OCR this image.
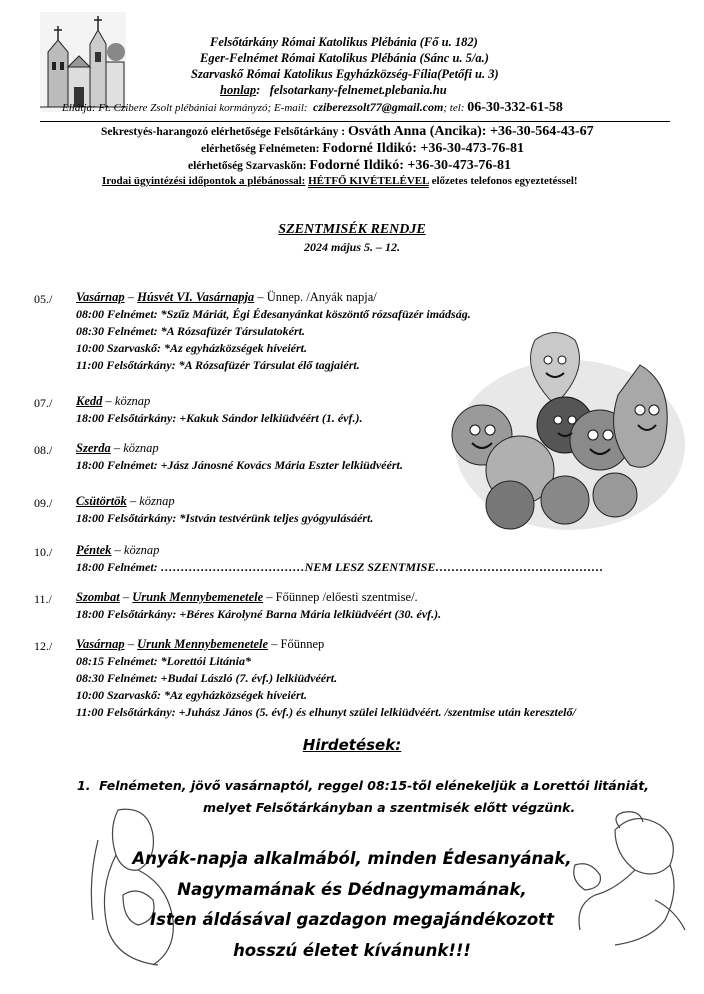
Felsőtárkány Római Katolikus Plébánia (Fő u. 182)
Eger-Felnémet Római Katolikus Plébánia (Sánc u. 5/a.)
Szarvaskő Római Katolikus Egyházközség-Fília(Petőfi u. 3)
honlap: felsotarkany-felnemet.plebania.hu
Ellátja: Ft. Czibere Zsolt plébániai kormányzó; E-mail: cziberezsolt77@gmail.com; tel: 06-30-332-61-58
Sekrestyés-harangozó elérhetősége Felsőtárkány : Osváth Anna (Ancika): +36-30-564-43-67
elérhetőség Felnémeten: Fodorné Ildikó: +36-30-473-76-81
elérhetőség Szarvaskőn: Fodorné Ildikó: +36-30-473-76-81
Irodai ügyintézési időpontok a plébánossal: HÉTFŐ KIVÉTELÉVEL előzetes telefonos egyeztetéssel!
SZENTMISÉK RENDJE
2024 május 5. – 12.
05./ Vasárnap – Húsvét VI. Vasárnapja – Ünnep. /Anyák napja/
08:00 Felnémet: *Szűz Máriát, Égi Édesanyánkat köszöntő rózsafüzér imádság.
08:30 Felnémet: *A Rózsafüzér Társulatokért.
10:00 Szarvaskő: *Az egyházközségek híveiért.
11:00 Felsőtárkány: *A Rózsafüzér Társulat élő tagjaiért.
07./ Kedd – köznap
18:00 Felsőtárkány: +Kakuk Sándor lelkiüdvéért (1. évf.).
08./ Szerda – köznap
18:00 Felnémet: +Jász Jánosné Kovács Mária Eszter lelkiüdvéért.
09./ Csütörtök – köznap
18:00 Felsőtárkány: *István testvérünk teljes gyógyulásáért.
10./ Péntek – köznap
18:00 Felnémet: ………………………………NEM LESZ SZENTMISE……………………………………
11./ Szombat – Urunk Mennybemenetele – Főünnep /előesti szentmise/.
18:00 Felsőtárkány: +Béres Károlyné Barna Mária lelkiüdvéért (30. évf.).
12./ Vasárnap – Urunk Mennybemenetele – Főünnep
08:15 Felnémet: *Lorettói Litánia*
08:30 Felnémet: +Budai László (7. évf.) lelkiüdvéért.
10:00 Szarvaskő: *Az egyházközségek híveiért.
11:00 Felsőtárkány: +Juhász János (5. évf.) és elhunyt szülei lelkiüdvéért. /szentmise után keresztelő/
Hirdetések:
1. Felnémeten, jövő vasárnaptól, reggel 08:15-től elénekeljük a Lorettói litániát,
melyet Felsőtárkányban a szentmisék előtt végzünk.
Anyák-napja alkalmából, minden Édesanyának,
Nagymamának és Dédnagymamának,
Isten áldásával gazdagon megajándékozott
hosszú életet kívánunk!!!
